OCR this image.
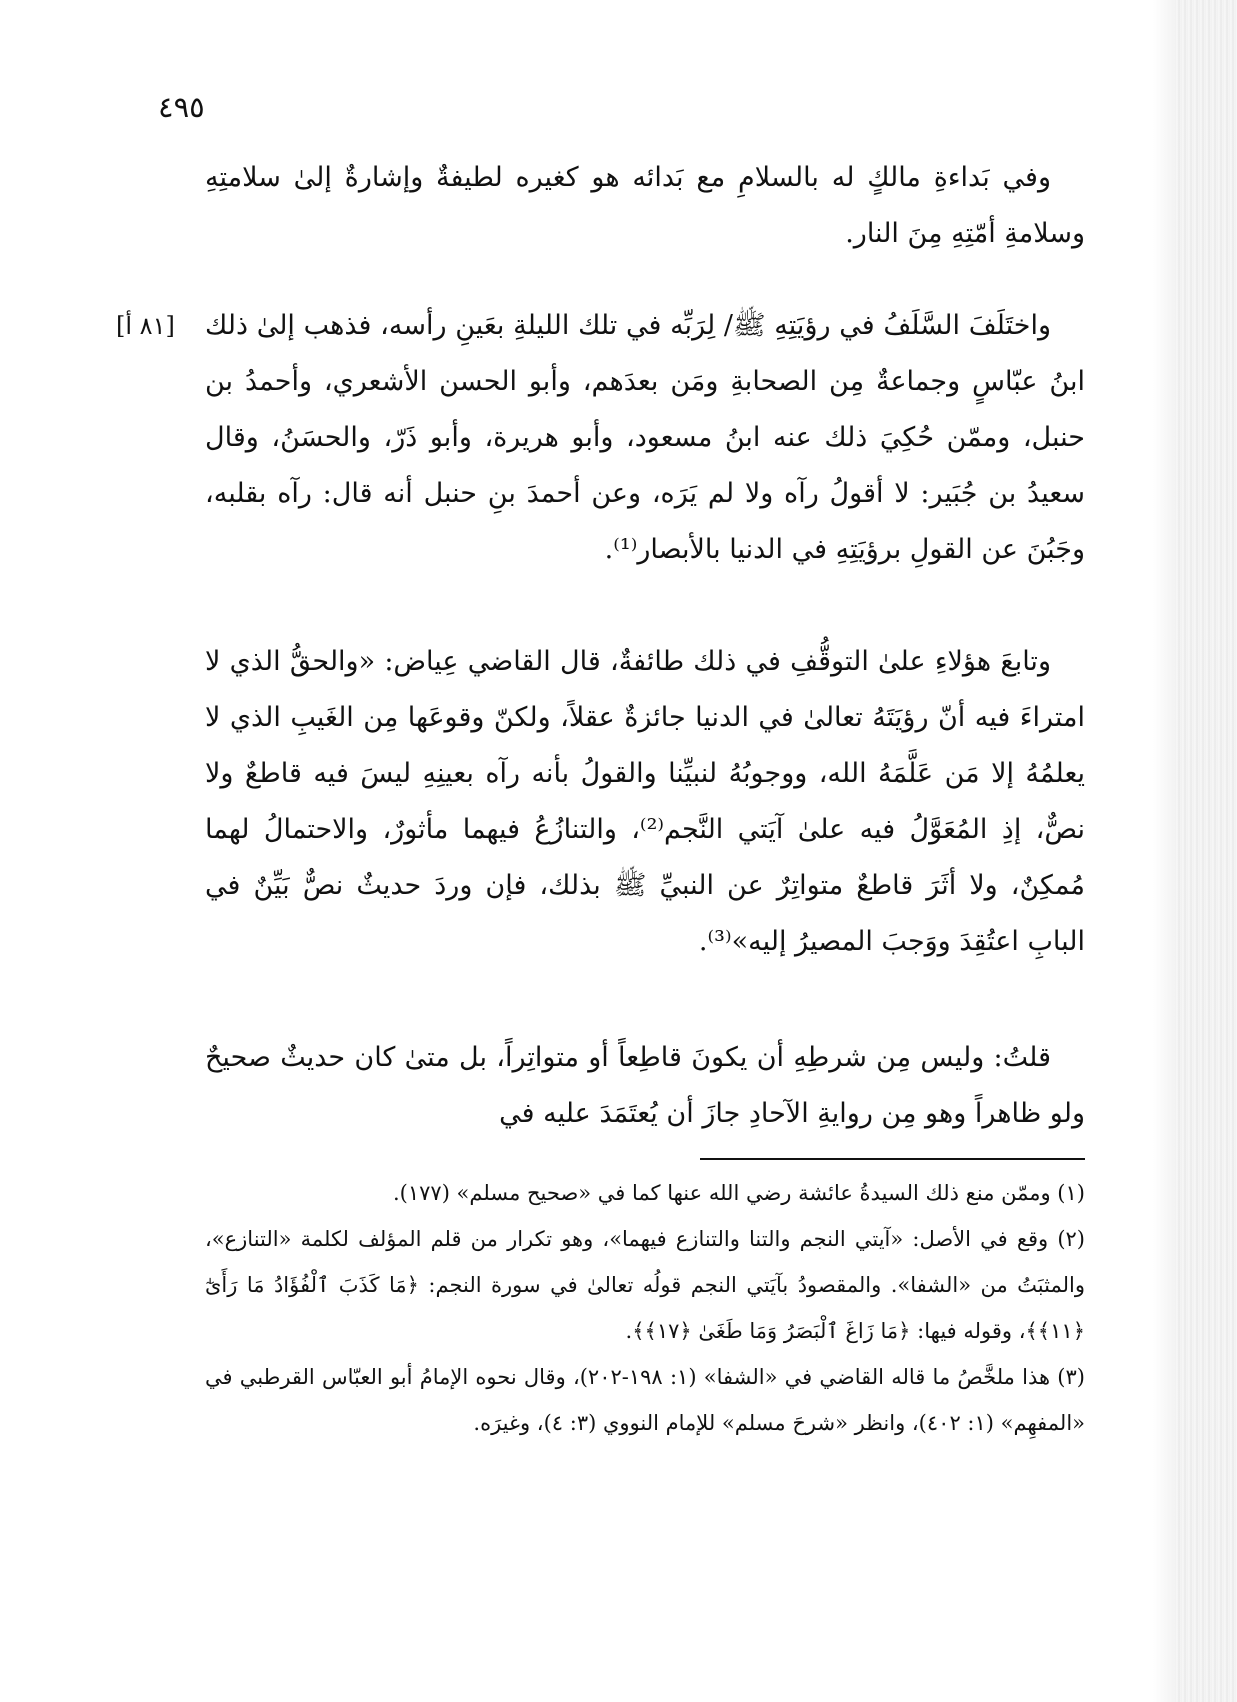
٤٩٥
[٨١ أ]
وفي بَداءةِ مالكٍ له بالسلامِ مع بَدائه هو كغيره لطيفةٌ وإشارةٌ إلىٰ سلامتِهِ وسلامةِ أمّتِهِ مِنَ النار.
واختَلَفَ السَّلَفُ في رؤيَتِهِ ﷺ/ لِرَبِّه في تلك الليلةِ بعَينِ رأسه، فذهب إلىٰ ذلك ابنُ عبّاسٍ وجماعةٌ مِن الصحابةِ ومَن بعدَهم، وأبو الحسن الأشعري، وأحمدُ بن حنبل، وممّن حُكِيَ ذلك عنه ابنُ مسعود، وأبو هريرة، وأبو ذَرّ، والحسَنُ، وقال سعيدُ بن جُبَير: لا أقولُ رآه ولا لم يَرَه، وعن أحمدَ بنِ حنبل أنه قال: رآه بقلبه، وجَبُنَ عن القولِ برؤيَتِهِ في الدنيا بالأبصار⁽¹⁾.
وتابعَ هؤلاءِ علىٰ التوقُّفِ في ذلك طائفةٌ، قال القاضي عِياض: «والحقُّ الذي لا امتراءَ فيه أنّ رؤيَتَهُ تعالىٰ في الدنيا جائزةٌ عقلاً، ولكنّ وقوعَها مِن الغَيبِ الذي لا يعلمُهُ إلا مَن عَلَّمَهُ الله، ووجوبُهُ لنبيِّنا والقولُ بأنه رآه بعينِهِ ليسَ فيه قاطعٌ ولا نصٌّ، إذِ المُعَوَّلُ فيه علىٰ آيَتي النَّجم⁽²⁾، والتنازُعُ فيهما مأثورٌ، والاحتمالُ لهما مُمكِنٌ، ولا أثَرَ قاطعٌ متواتِرٌ عن النبيِّ ﷺ بذلك، فإن وردَ حديثٌ نصٌّ بَيِّنٌ في البابِ اعتُقِدَ ووَجبَ المصيرُ إليه»⁽³⁾.
قلتُ: وليس مِن شرطِهِ أن يكونَ قاطِعاً أو متواتِراً، بل متىٰ كان حديثٌ صحيحٌ ولو ظاهراً وهو مِن روايةِ الآحادِ جازَ أن يُعتَمَدَ عليه في
(١) وممّن منع ذلك السيدةُ عائشة رضي الله عنها كما في «صحيح مسلم» (١٧٧).
(٢) وقع في الأصل: «آيتي النجم والتنا والتنازع فيهما»، وهو تكرار من قلم المؤلف لكلمة «التنازع»، والمثبَتُ من «الشفا». والمقصودُ بآيَتي النجم قولُه تعالىٰ في سورة النجم: ﴿مَا كَذَبَ ٱلْفُؤَادُ مَا رَأَىٰٓ ﴿١١﴾﴾، وقوله فيها: ﴿مَا زَاغَ ٱلْبَصَرُ وَمَا طَغَىٰ ﴿١٧﴾﴾.
(٣) هذا ملخَّصُ ما قاله القاضي في «الشفا» (١: ١٩٨-٢٠٢)، وقال نحوه الإمامُ أبو العبّاس القرطبي في «المفهِم» (١: ٤٠٢)، وانظر «شرحَ مسلم» للإمام النووي (٣: ٤)، وغيرَه.
